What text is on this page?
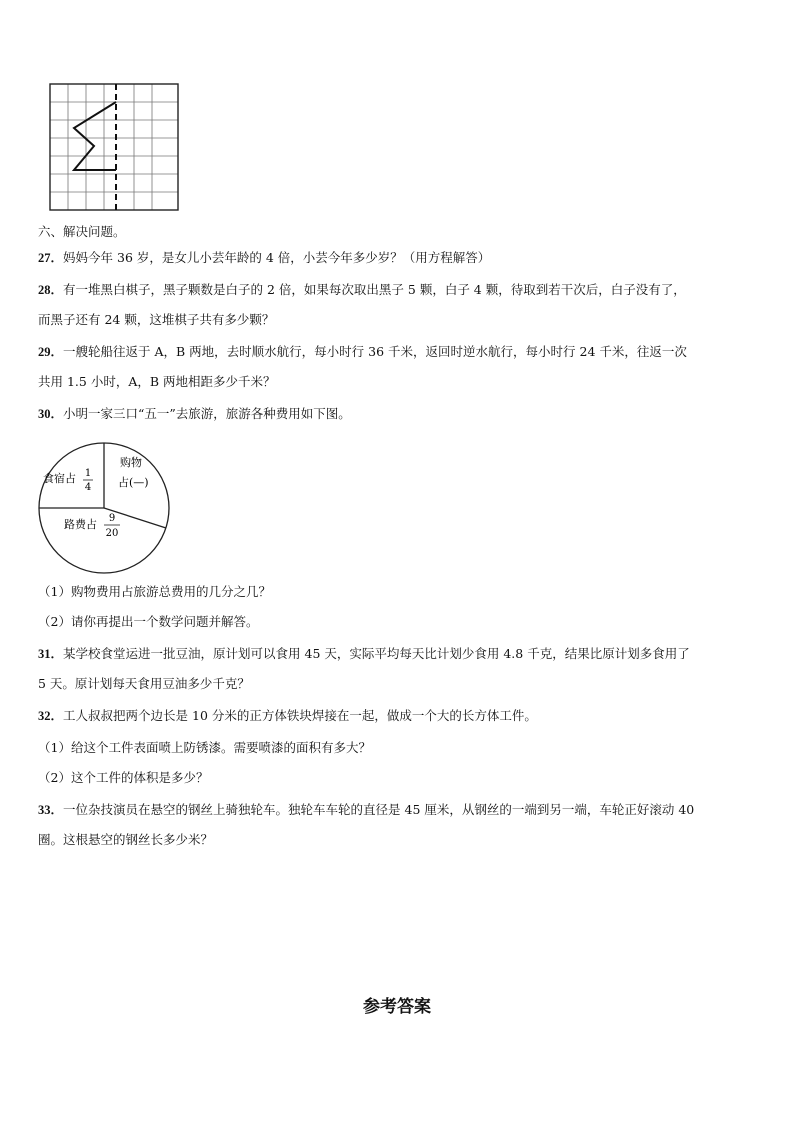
六、解决问题。
27．妈妈今年 36 岁，是女儿小芸年龄的 4 倍，小芸今年多少岁？（用方程解答）
28．有一堆黑白棋子，黑子颗数是白子的 2 倍，如果每次取出黑子 5 颗，白子 4 颗，待取到若干次后，白子没有了，
而黑子还有 24 颗，这堆棋子共有多少颗？
29．一艘轮船往返于 A，B 两地，去时顺水航行，每小时行 36 千米，返回时逆水航行，每小时行 24 千米，往返一次
共用 1.5 小时，A，B 两地相距多少千米？
30．小明一家三口“五一”去旅游，旅游各种费用如下图。
食宿占 1
4
购物
占(—)
路费占 9
20
（1）购物费用占旅游总费用的几分之几？
（2）请你再提出一个数学问题并解答。
31．某学校食堂运进一批豆油，原计划可以食用 45 天，实际平均每天比计划少食用 4.8 千克，结果比原计划多食用了
5 天。原计划每天食用豆油多少千克？
32．工人叔叔把两个边长是 10 分米的正方体铁块焊接在一起，做成一个大的长方体工件。
（1）给这个工件表面喷上防锈漆。需要喷漆的面积有多大？
（2）这个工件的体积是多少？
33．一位杂技演员在悬空的钢丝上骑独轮车。独轮车车轮的直径是 45 厘米，从钢丝的一端到另一端，车轮正好滚动 40
圈。这根悬空的钢丝长多少米？
参考答案
